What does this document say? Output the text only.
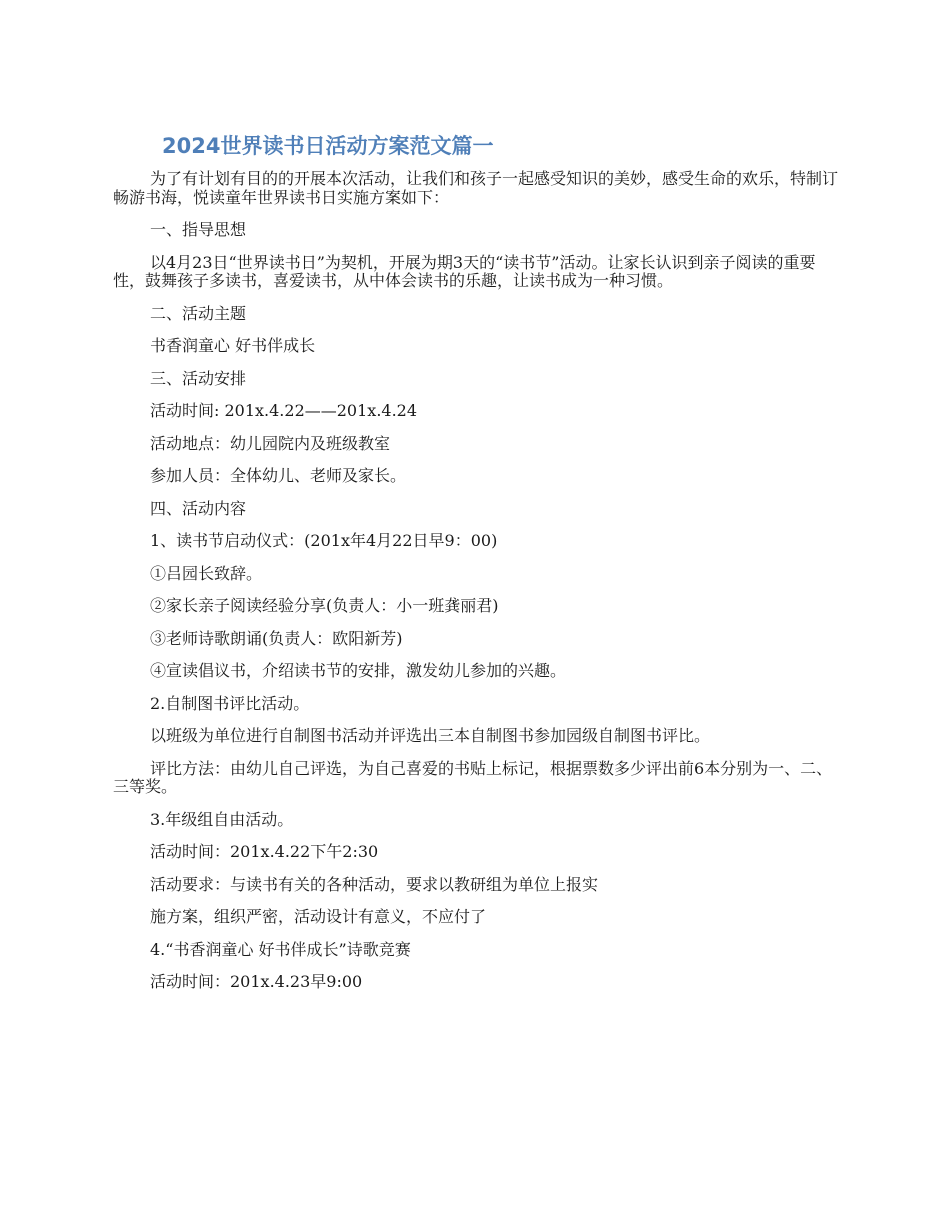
2024世界读书日活动方案范文篇一

为了有计划有目的的开展本次活动，让我们和孩子一起感受知识的美妙，感受生命的欢乐，特制订畅游书海，悦读童年世界读书日实施方案如下：

一、指导思想

以4月23日“世界读书日”为契机，开展为期3天的“读书节”活动。让家长认识到亲子阅读的重要性，鼓舞孩子多读书，喜爱读书，从中体会读书的乐趣，让读书成为一种习惯。

二、活动主题

书香润童心 好书伴成长

三、活动安排

活动时间: 201x.4.22——201x.4.24

活动地点：幼儿园院内及班级教室

参加人员：全体幼儿、老师及家长。

四、活动内容

1、读书节启动仪式：(201x年4月22日早9：00)

①吕园长致辞。

②家长亲子阅读经验分享(负责人：小一班龚丽君)

③老师诗歌朗诵(负责人：欧阳新芳)

④宣读倡议书，介绍读书节的安排，激发幼儿参加的兴趣。

2.自制图书评比活动。

以班级为单位进行自制图书活动并评选出三本自制图书参加园级自制图书评比。

评比方法：由幼儿自己评选，为自己喜爱的书贴上标记，根据票数多少评出前6本分别为一、二、三等奖。

3.年级组自由活动。

活动时间：201x.4.22下午2:30

活动要求：与读书有关的各种活动，要求以教研组为单位上报实

施方案，组织严密，活动设计有意义，不应付了

4.“书香润童心 好书伴成长”诗歌竞赛

活动时间：201x.4.23早9:00
